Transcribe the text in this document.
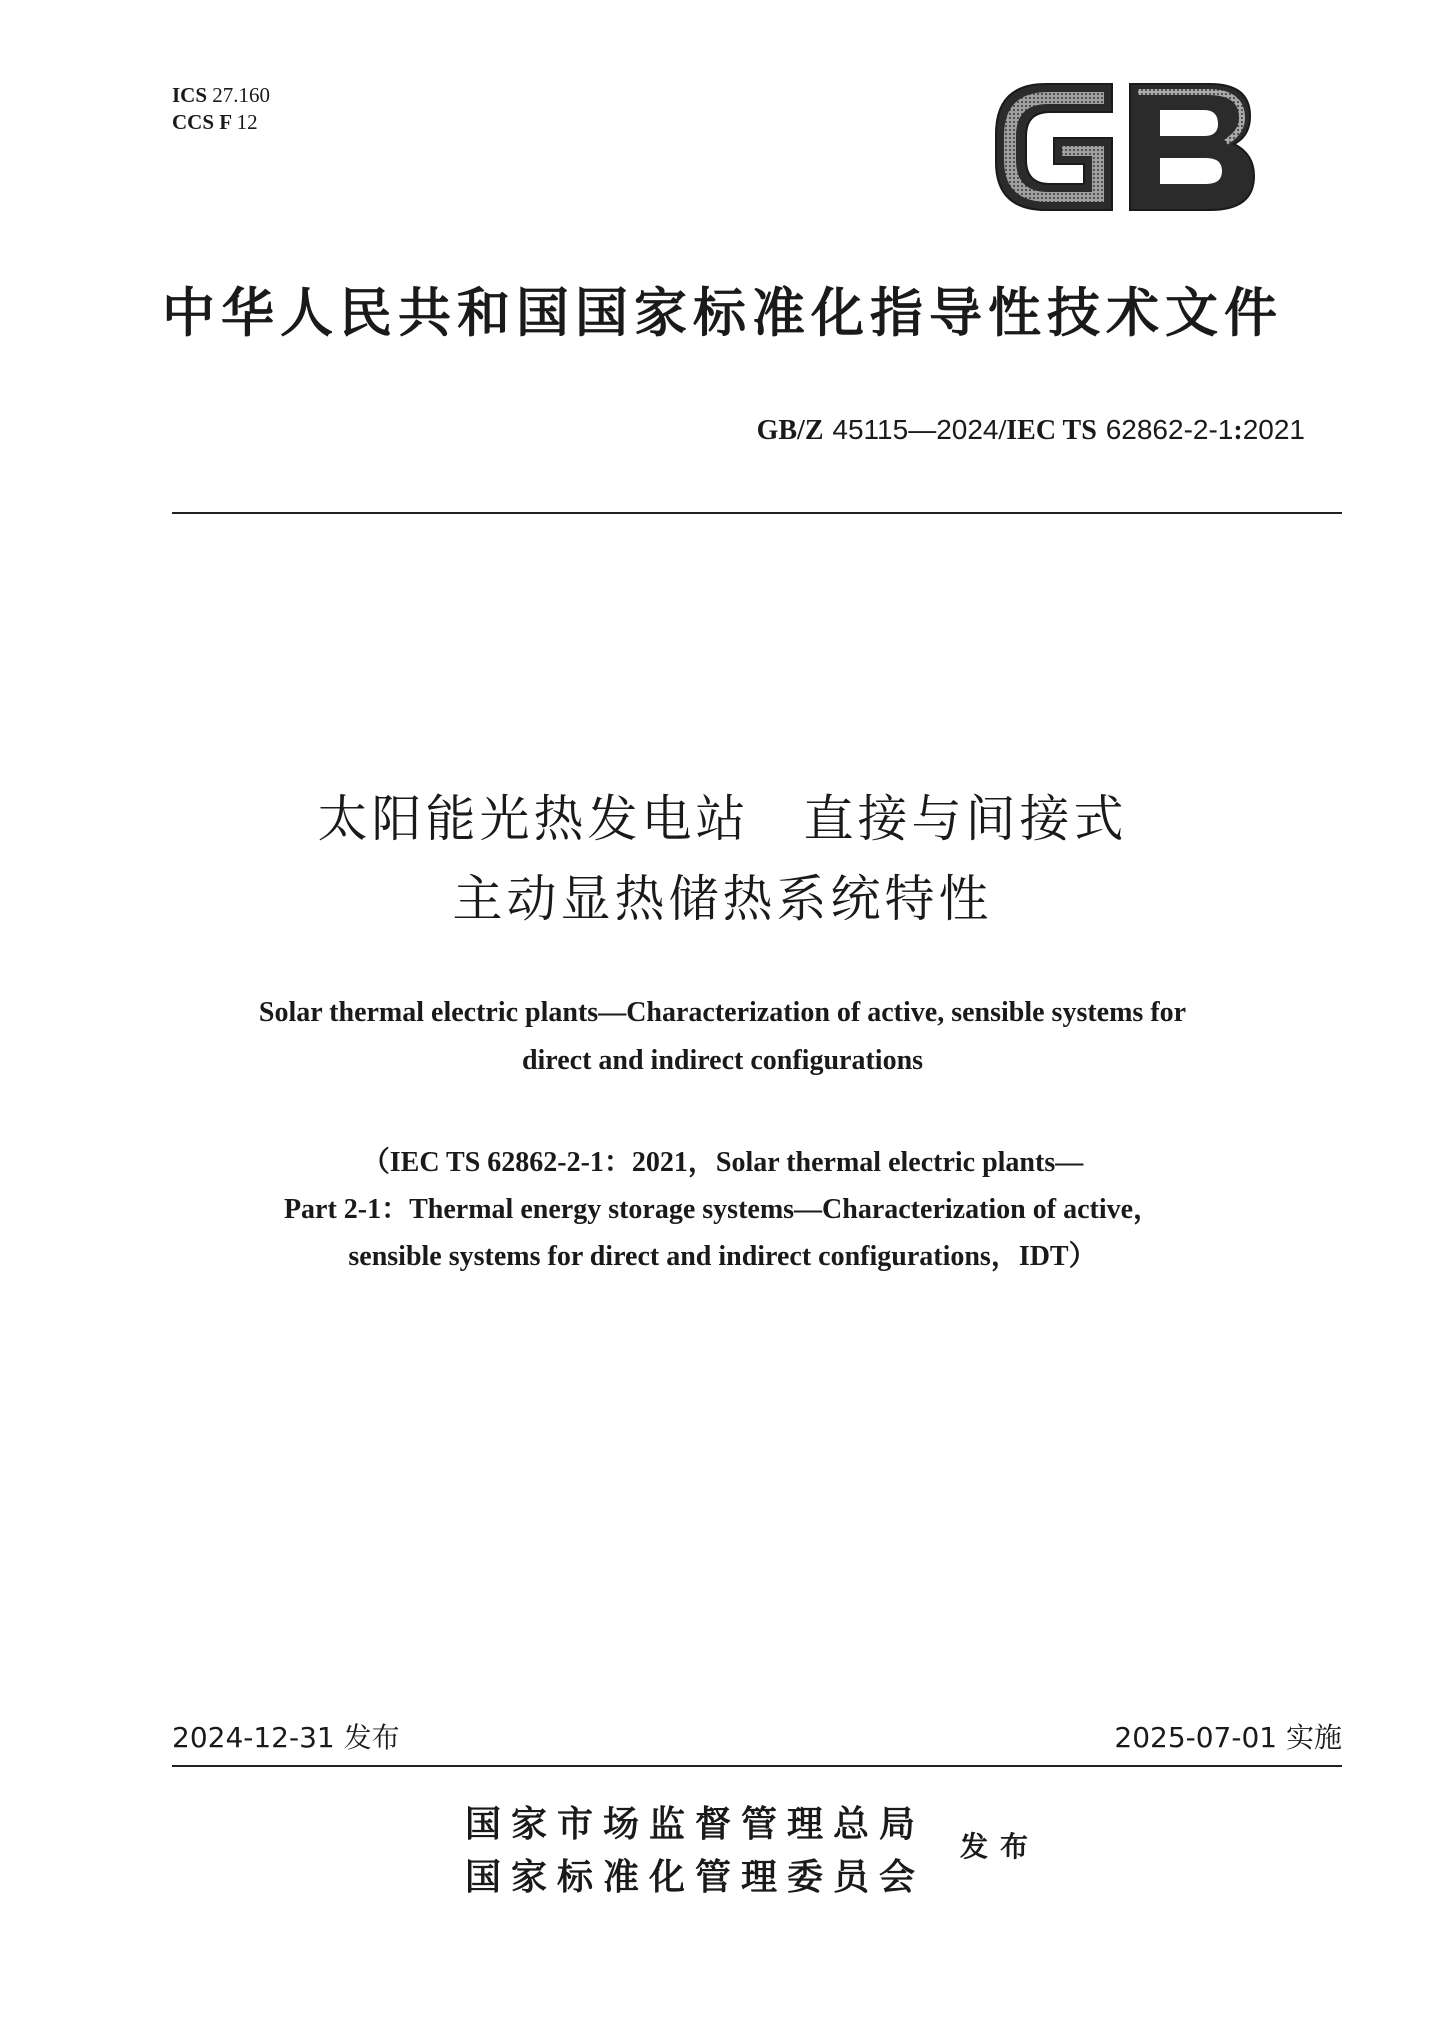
ICS 27.160
CCS F 12
中华人民共和国国家标准化指导性技术文件
GB/Z 45115—2024/IEC TS 62862-2-1:2021
太阳能光热发电站　直接与间接式
主动显热储热系统特性
Solar thermal electric plants—Characterization of active, sensible systems for
direct and indirect configurations
（IEC TS 62862-2-1：2021，Solar thermal electric plants—
Part 2-1：Thermal energy storage systems—Characterization of active，
sensible systems for direct and indirect configurations，IDT）
2024-12-31 发布	2025-07-01 实施
国家市场监督管理总局
国家标准化管理委员会
发布
